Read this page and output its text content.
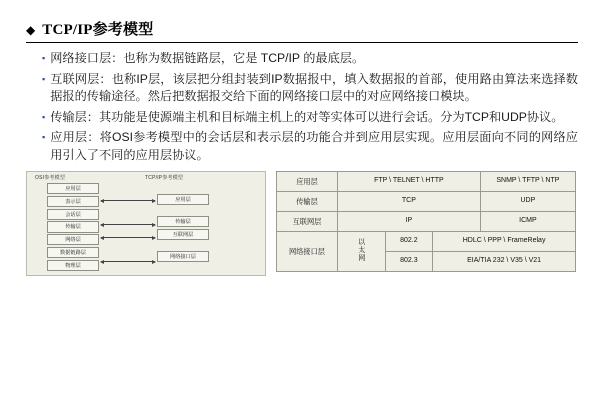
◆ TCP/IP参考模型
▪ 网络接口层：也称为数据链路层，它是 TCP/IP 的最底层。
▪ 互联网层：也称IP层，该层把分组封装到IP数据报中，填入数据报的首部，使用路由算法来选择数据报的传输途径。然后把数据报交给下面的网络接口层中的对应网络接口模块。
▪ 传输层：其功能是使源端主机和目标端主机上的对等实体可以进行会话。分为TCP和UDP协议。
▪ 应用层：将OSI参考模型中的会话层和表示层的功能合并到应用层实现。应用层面向不同的网络应用引入了不同的应用层协议。
OSI参考模型	TCP/IP参考模型
应用层
表示层
会话层
传输层
网络层
数据链路层
物理层
应用层
传输层
互联网层
网络接口层
应用层	FTP \ TELNET \ HTTP			SNMP \ TFTP \ NTP
传输层	TCP			UDP
互联网层	IP			ICMP
网络接口层	以太网	802.2	HDLC \ PPP \ FrameRelay	
		802.3	EIA/TIA 232 \ V35 \ V21	
